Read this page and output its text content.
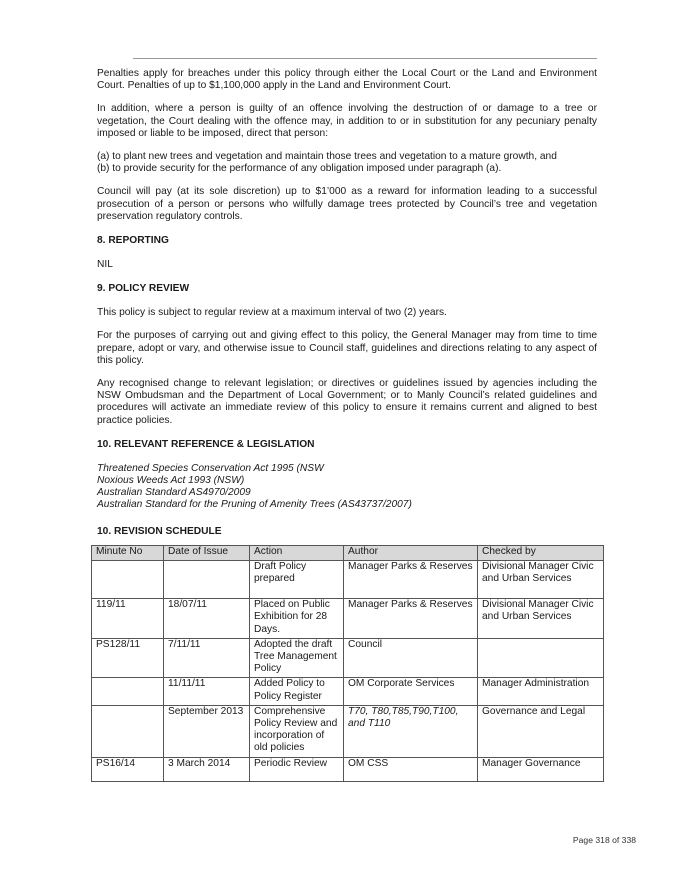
Penalties apply for breaches under this policy through either the Local Court or the Land and Environment Court. Penalties of up to $1,100,000 apply in the Land and Environment Court.

In addition, where a person is guilty of an offence involving the destruction of or damage to a tree or vegetation, the Court dealing with the offence may, in addition to or in substitution for any pecuniary penalty imposed or liable to be imposed, direct that person:

(a) to plant new trees and vegetation and maintain those trees and vegetation to a mature growth, and

(b) to provide security for the performance of any obligation imposed under paragraph (a).

Council will pay (at its sole discretion) up to $1’000 as a reward for information leading to a successful prosecution of a person or persons who wilfully damage trees protected by Council’s tree and vegetation preservation regulatory controls.

8. REPORTING

NIL

9. POLICY REVIEW

This policy is subject to regular review at a maximum interval of two (2) years.

For the purposes of carrying out and giving effect to this policy, the General Manager may from time to time prepare, adopt or vary, and otherwise issue to Council staff, guidelines and directions relating to any aspect of this policy.

Any recognised change to relevant legislation; or directives or guidelines issued by agencies including the NSW Ombudsman and the Department of Local Government; or to Manly Council’s related guidelines and procedures will activate an immediate review of this policy to ensure it remains current and aligned to best practice policies.

10. RELEVANT REFERENCE & LEGISLATION
Threatened Species Conservation Act 1995 (NSW
Noxious Weeds Act 1993 (NSW)
Australian Standard AS4970/2009
Australian Standard for the Pruning of Amenity Trees (AS43737/2007)
10. REVISION SCHEDULE
Minute No	Date of Issue	Action	Author	Checked by
		Draft Policy prepared	Manager Parks & Reserves	Divisional Manager Civic and Urban Services
119/11	18/07/11	Placed on Public Exhibition for 28 Days.	Manager Parks & Reserves	Divisional Manager Civic and Urban Services
PS128/11	7/11/11	Adopted the draft Tree Management Policy	Council	
	11/11/11	Added Policy to Policy Register	OM Corporate Services	Manager Administration
	September 2013	Comprehensive Policy Review and incorporation of old policies	T70, T80,T85,T90,T100, and T110	Governance and Legal
PS16/14	3 March 2014	Periodic Review	OM CSS	Manager Governance
Page 318 of 338
